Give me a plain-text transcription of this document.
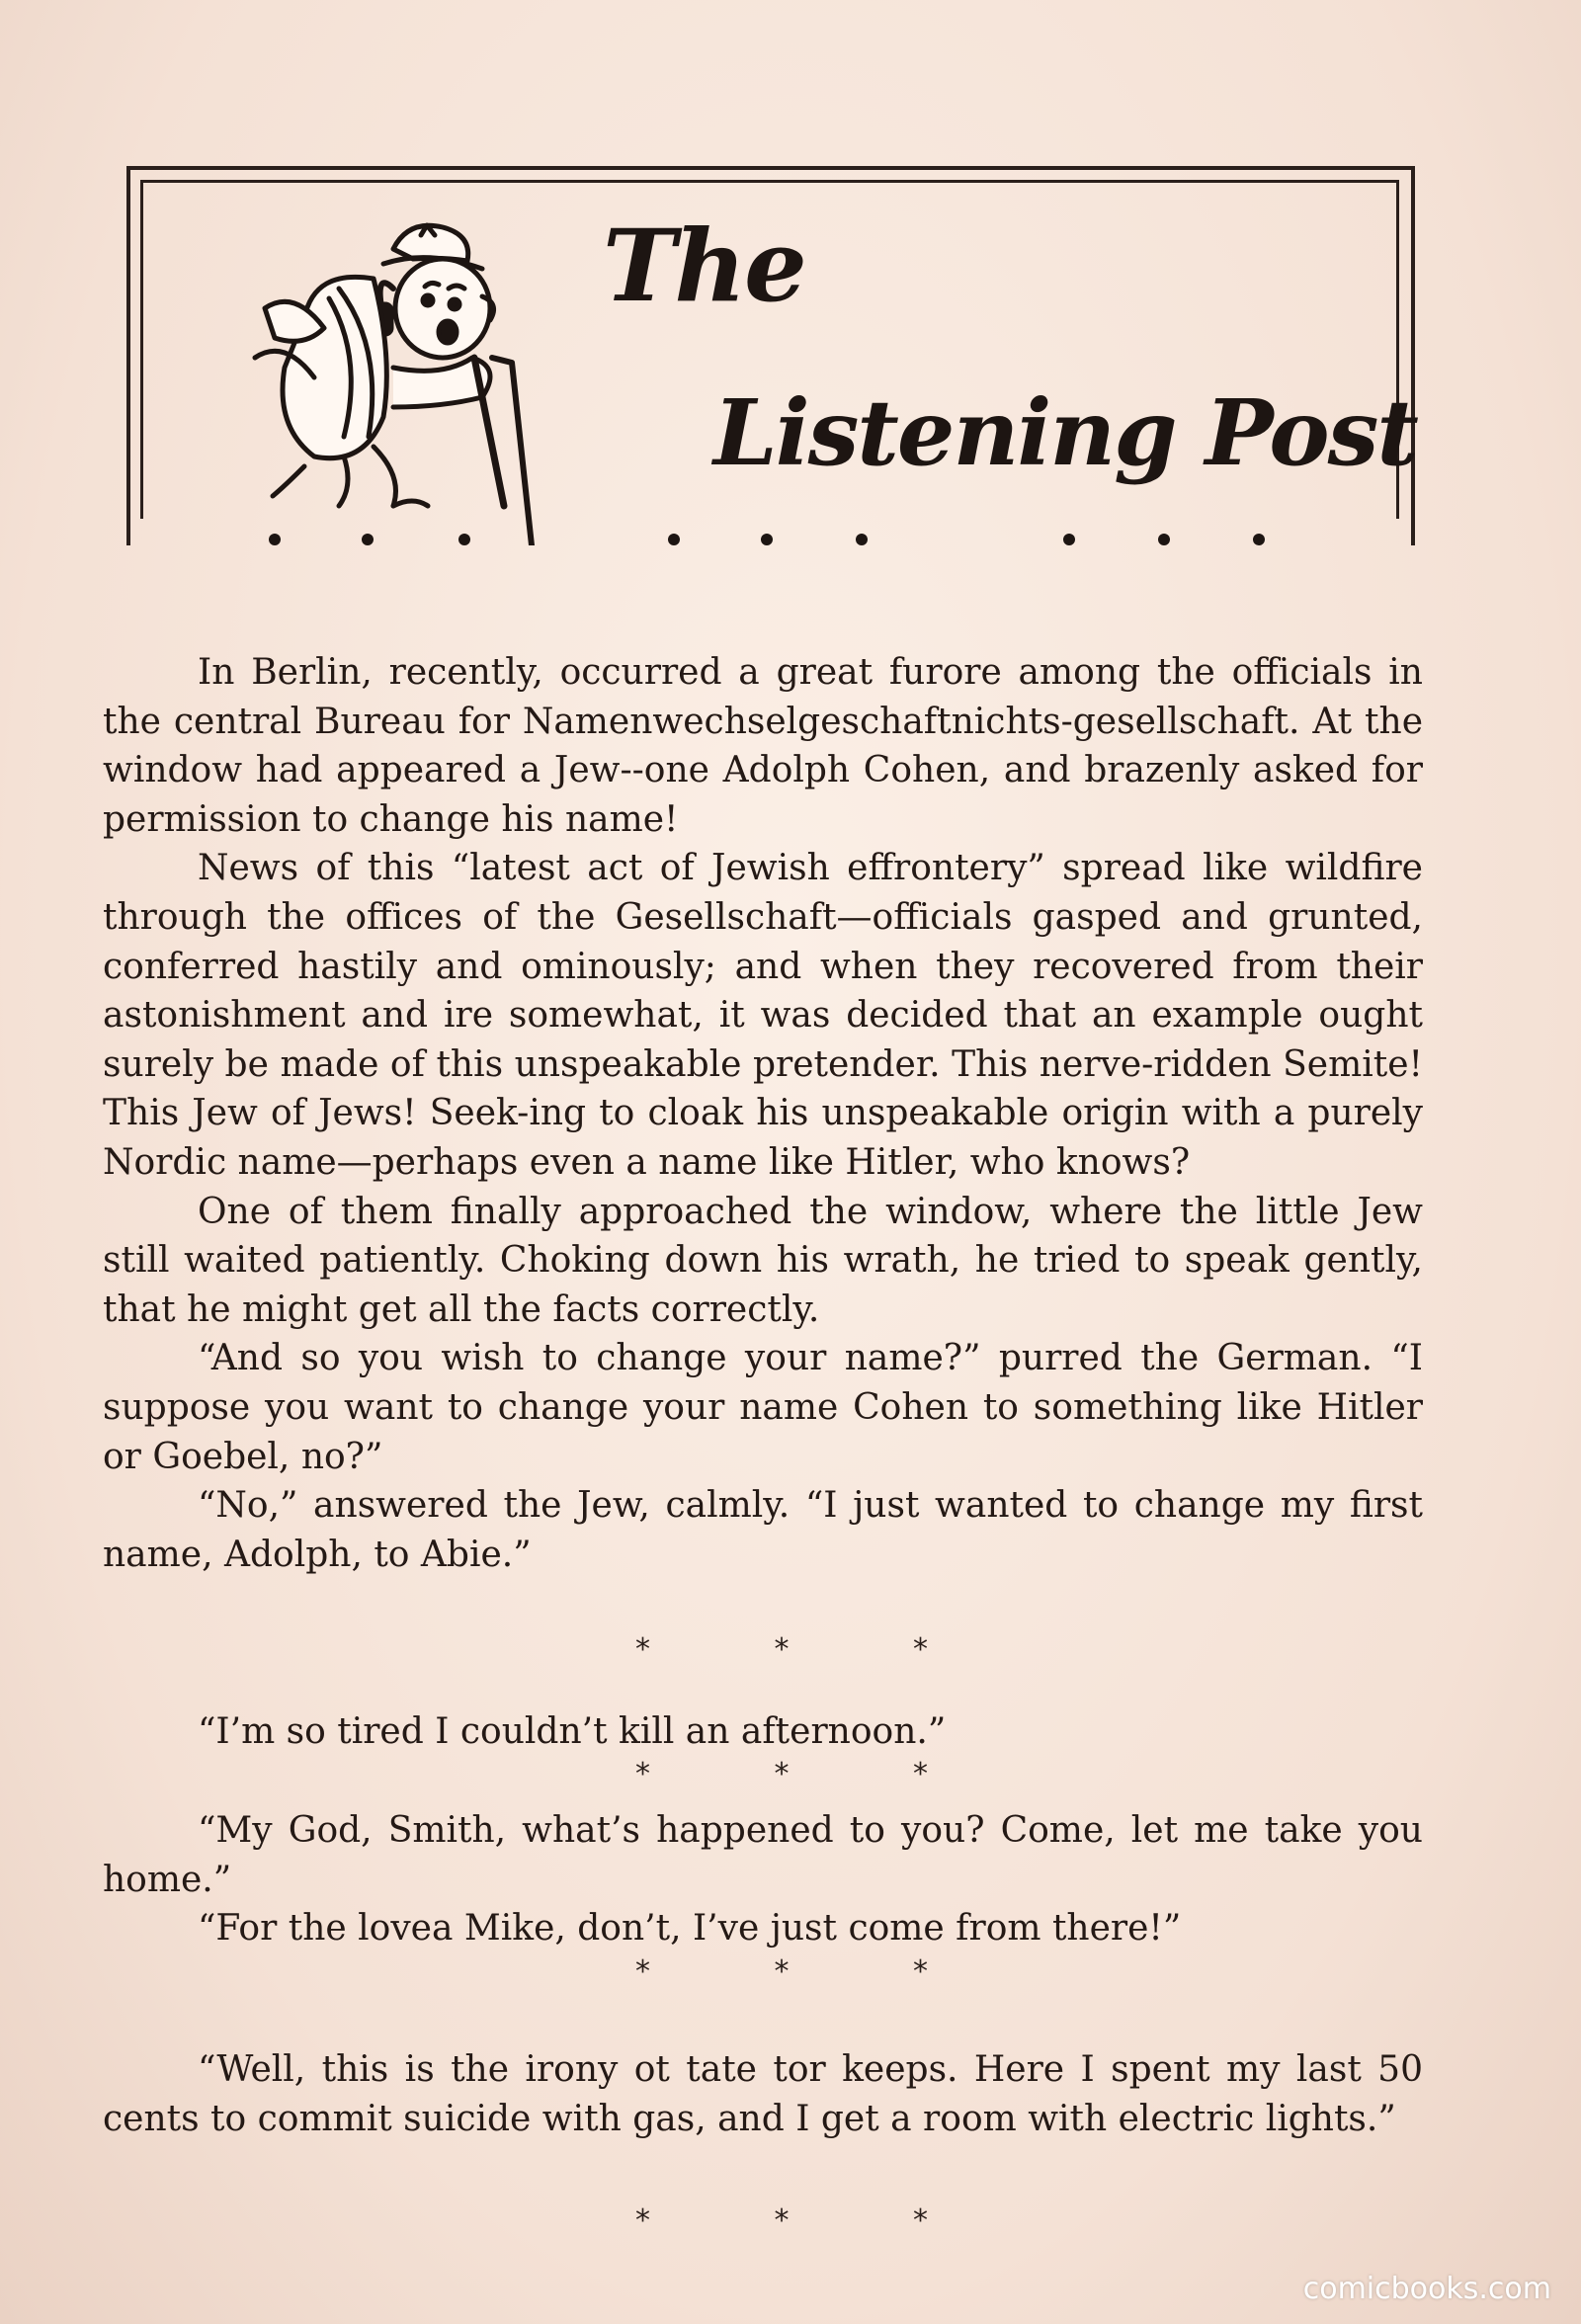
The
Listening Post

In Berlin, recently, occurred a great furore among the officials in the central Bureau for Namenwechselgeschaftnichts-gesellschaft. At the window had appeared a Jew--one Adolph Cohen, and brazenly asked for permission to change his name!

News of this “latest act of Jewish effrontery” spread like wildfire through the offices of the Gesellschaft—officials gasped and grunted, conferred hastily and ominously; and when they recovered from their astonishment and ire somewhat, it was decided that an example ought surely be made of this unspeakable pretender. This nerve-ridden Semite! This Jew of Jews! Seek-ing to cloak his unspeakable origin with a purely Nordic name—perhaps even a name like Hitler, who knows?

One of them finally approached the window, where the little Jew still waited patiently. Choking down his wrath, he tried to speak gently, that he might get all the facts correctly.

“And so you wish to change your name?” purred the German. “I suppose you want to change your name Cohen to something like Hitler or Goebel, no?”

“No,” answered the Jew, calmly. “I just wanted to change my first name, Adolph, to Abie.”

* * *

“I’m so tired I couldn’t kill an afternoon.”

* * *

“My God, Smith, what’s happened to you? Come, let me take you home.”

“For the lovea Mike, don’t, I’ve just come from there!”

* * *

“Well, this is the irony ot tate tor keeps. Here I spent my last 50 cents to commit suicide with gas, and I get a room with electric lights.”

* * *
comicbooks.com
